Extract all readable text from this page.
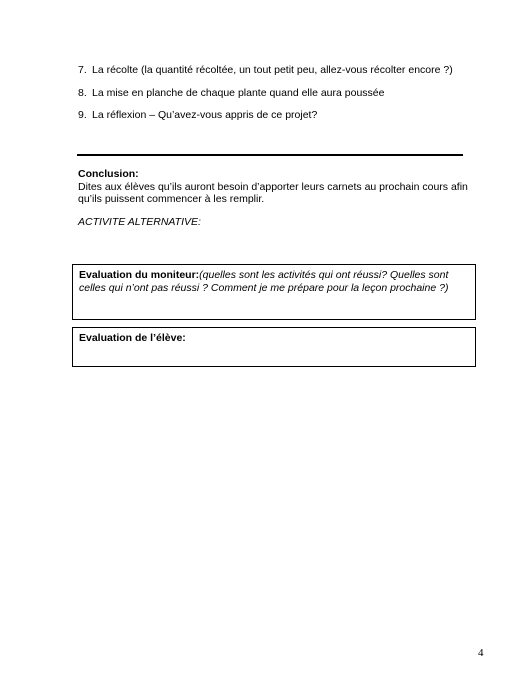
7. La récolte (la quantité récoltée, un tout petit peu, allez-vous récolter encore ?)
8. La mise en planche de chaque plante quand elle aura poussée
9. La réflexion – Qu’avez-vous appris de ce projet?
Conclusion:
Dites aux élèves qu’ils auront besoin d’apporter leurs carnets au prochain cours afin qu’ils puissent commencer à les remplir.
ACTIVITE ALTERNATIVE:
Evaluation du moniteur:(quelles sont les activités qui ont réussi? Quelles sont celles qui n’ont pas réussi ? Comment je me prépare pour la leçon prochaine ?)
Evaluation de l’élève:
4
